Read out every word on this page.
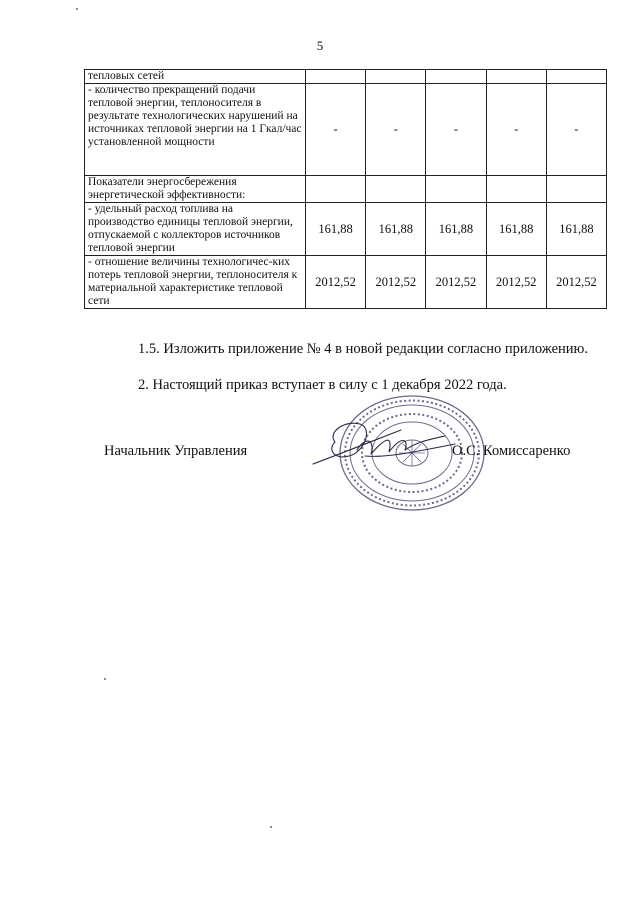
5
тепловых сетей					
- количество прекращений подачи тепловой энергии, теплоносителя в результате технологических нарушений на источниках тепловой энергии на 1 Гкал/час установленной мощности	-	-	-	-	-
Показатели энергосбережения энергетической эффективности:					
- удельный расход топлива на производство единицы тепловой энергии, отпускаемой с коллекторов источников тепловой энергии	161,88	161,88	161,88	161,88	161,88
- отношение величины технологичес-ких потерь тепловой энергии, теплоносителя к материальной характеристике тепловой сети	2012,52	2012,52	2012,52	2012,52	2012,52
1.5. Изложить приложение № 4 в новой редакции согласно приложению.
2. Настоящий приказ вступает в силу с 1 декабря 2022 года.
Начальник Управления	О.С. Комиссаренко
